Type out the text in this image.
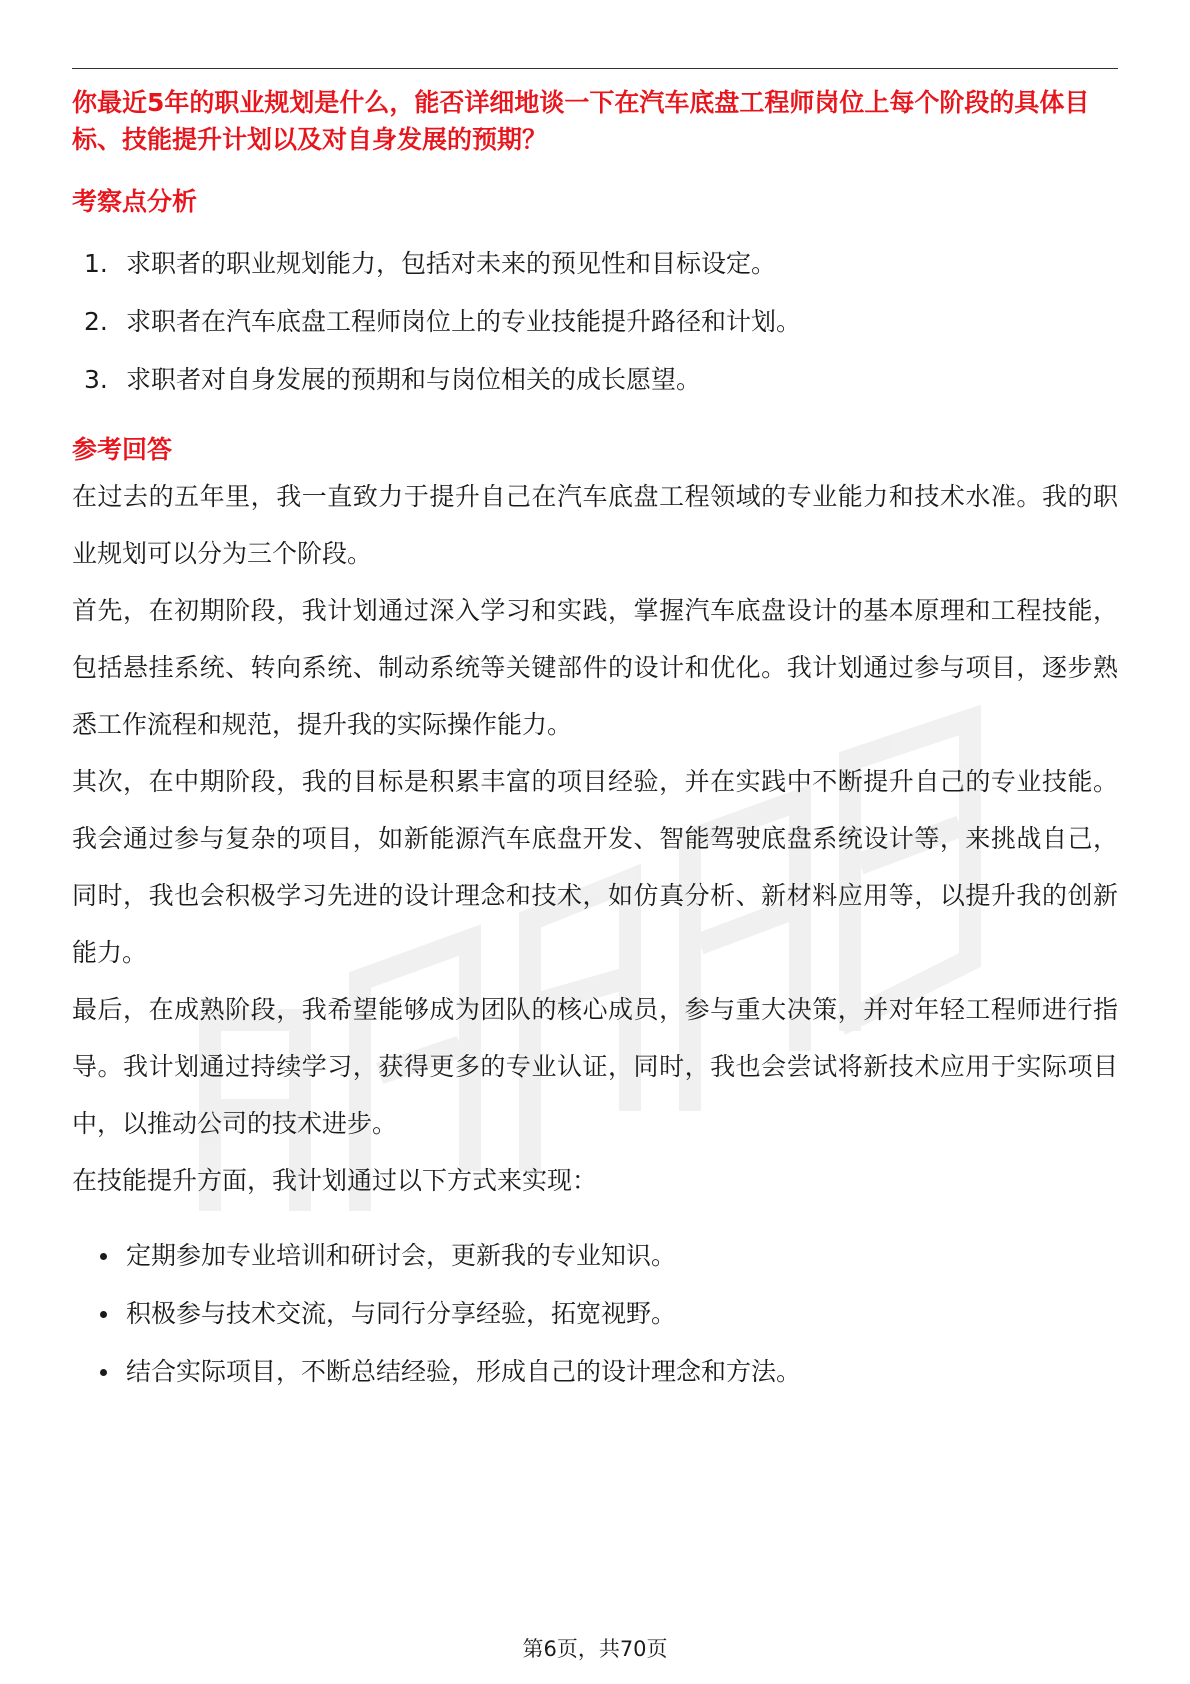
你最近5年的职业规划是什么，能否详细地谈一下在汽车底盘工程师岗位上每个阶段的具体目标、技能提升计划以及对自身发展的预期？

考察点分析
1. 求职者的职业规划能力，包括对未来的预见性和目标设定。
2. 求职者在汽车底盘工程师岗位上的专业技能提升路径和计划。
3. 求职者对自身发展的预期和与岗位相关的成长愿望。
参考回答

在过去的五年里，我一直致力于提升自己在汽车底盘工程领域的专业能力和技术水准。我的职业规划可以分为三个阶段。

首先，在初期阶段，我计划通过深入学习和实践，掌握汽车底盘设计的基本原理和工程技能，包括悬挂系统、转向系统、制动系统等关键部件的设计和优化。我计划通过参与项目，逐步熟悉工作流程和规范，提升我的实际操作能力。

其次，在中期阶段，我的目标是积累丰富的项目经验，并在实践中不断提升自己的专业技能。我会通过参与复杂的项目，如新能源汽车底盘开发、智能驾驶底盘系统设计等，来挑战自己，同时，我也会积极学习先进的设计理念和技术，如仿真分析、新材料应用等，以提升我的创新能力。

最后，在成熟阶段，我希望能够成为团队的核心成员，参与重大决策，并对年轻工程师进行指导。我计划通过持续学习，获得更多的专业认证，同时，我也会尝试将新技术应用于实际项目中，以推动公司的技术进步。

在技能提升方面，我计划通过以下方式来实现：

定期参加专业培训和研讨会，更新我的专业知识。
积极参与技术交流，与同行分享经验，拓宽视野。
结合实际项目，不断总结经验，形成自己的设计理念和方法。
第6页，共70页
